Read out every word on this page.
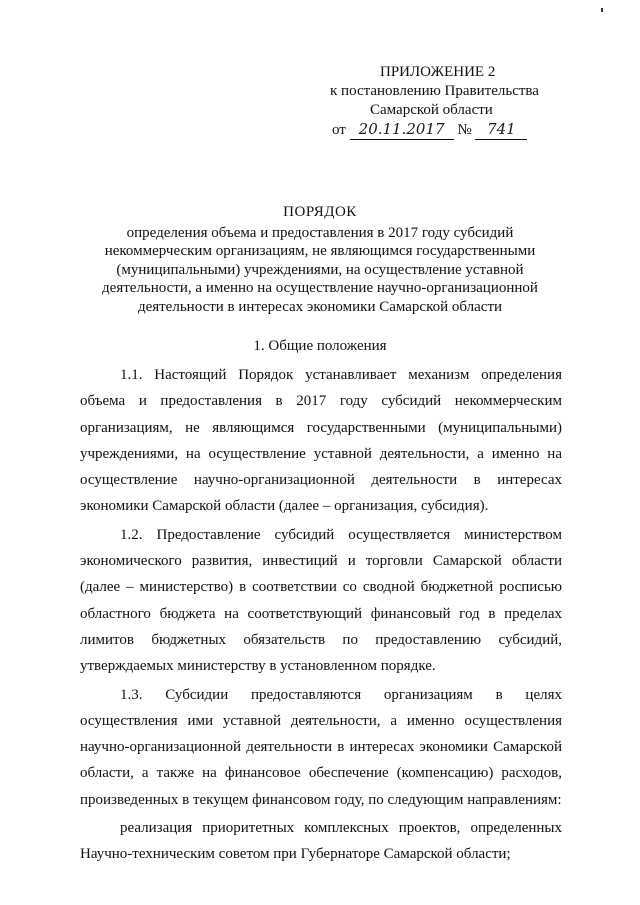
ПРИЛОЖЕНИЕ 2
к постановлению Правительства
Самарской области
от 20.11.2017 № 741
ПОРЯДОК
определения объема и предоставления в 2017 году субсидий
некоммерческим организациям, не являющимся государственными
(муниципальными) учреждениями, на осуществление уставной
деятельности, а именно на осуществление научно-организационной
деятельности в интересах экономики Самарской области
1. Общие положения

1.1. Настоящий Порядок устанавливает механизм определения объема и предоставления в 2017 году субсидий некоммерческим организациям, не являющимся государственными (муниципальными) учреждениями, на осуществление уставной деятельности, а именно на осуществление научно-организационной деятельности в интересах экономики Самарской области (далее – организация, субсидия).

1.2. Предоставление субсидий осуществляется министерством экономического развития, инвестиций и торговли Самарской области (далее – министерство) в соответствии со сводной бюджетной росписью областного бюджета на соответствующий финансовый год в пределах лимитов бюджетных обязательств по предоставлению субсидий, утверждаемых министерству в установленном порядке.

1.3. Субсидии предоставляются организациям в целях осуществления ими уставной деятельности, а именно осуществления научно-организационной деятельности в интересах экономики Самарской области, а также на финансовое обеспечение (компенсацию) расходов, произведенных в текущем финансовом году, по следующим направлениям:

реализация приоритетных комплексных проектов, определенных Научно-техническим советом при Губернаторе Самарской области;
